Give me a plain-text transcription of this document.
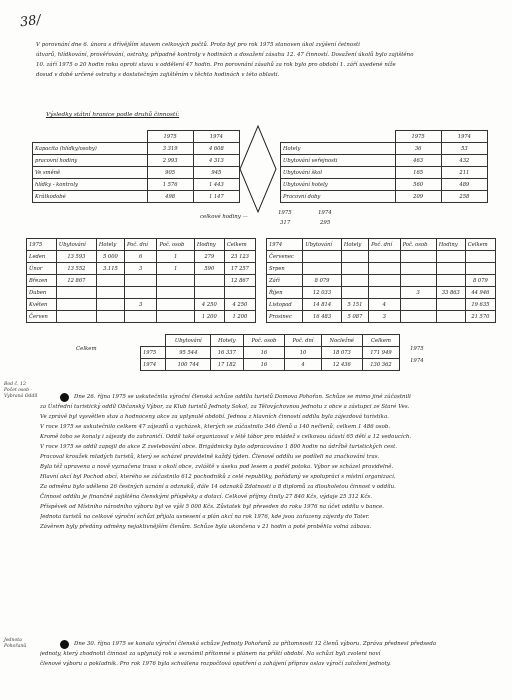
38/
V porovnání dne 6. února s dřívějším stavem celkových počtů. Proto byl pro rok 1975 stanoven úkol zvýšení četnosti
útvarů, hlídkování, prověřování, ostrahy, případně kontroly v hodinách a dosažení zásahu 12. 47 činností. Dosažení úkolů bylo zajištěno
10. září 1975 o 20 hodin roku oproti stavu v oddělení 47 hodin. Pro porovnání zásahů za rok bylo pro období 1. září uvedené níže
dosud v době určené ostrahy s dostatečným zajištěním v těchto hodinách v této oblasti.
Výsledky státní hranice podle druhů činností:
	1975	1974
Kapacita (hlídky/osoby)	3 319	4 608
pracovní hodiny	2 993	4 313
Ve směně	905	945
hlídky - kontroly	1 576	1 443
Krátkodobé	498	1 147
	1975	1974
Hotely	36	53
Ubytování veřejnosti	463	432
Ubytování škol	165	211
Ubytování hotely	560	489
Pracovní doby	209	258
celkové hodiny —
1975	1974
317	295
1975	Ubytování	Hotely	Poč. dní	Poč. osob	Hodiny	Celkem
Leden	13 593	5 000	6	1	279	23 123
Únor	13 552	3.115	3	1	590	17 257
Březen	12 867					12 867
Duben						
Květen			3		4 250	4 250
Červen					1 200	1 200
1974	Ubytování	Hotely	Poč. dní	Poč. osob	Hodiny	Celkem
Červenec						
Srpen						
Září	8 079					8 079
Říjen	12 033			3	33 863	44 946
Listopad	14 814	5 151	4			19 635
Prosinec	16 483	5 087	3			21 570
Celkem
	Ubytování	Hotely	Poč. osob	Poč. dní	Nocležné	Celkem
1975	95 544	16 337	16	10	18 073	171 949
1974	100 744	17 182	16	4	12 436	130 362
1975
1974
Bod č. 12 Počet osob - Vybraná Oddíl	Dne 26. října 1975 se uskutečnila výroční členská schůze oddílu turistů Domova Pohořan. Schůze se mimo jiné zúčastnili
za Ústřední turistický oddíl Občanský Výbor, za Klub turistů Jednoty Sokol, za Tělovýchovnou jednotu z obce a zástupci ze Staré Ves.
Ve zprávě byl vysvětlen stav a hodnoceny akce za uplynulé období. Jednou z hlavních činností oddílu byla zájezdová turistika.
V roce 1975 se uskutečnilo celkem 47 zájezdů a vycházek, kterých se zúčastnilo 346 členů a 140 nečlenů, celkem 1 486 osob.
Kromě toho se konaly i zájezdy do zahraničí. Oddíl také organizoval v létě tábor pro mládež s celkovou účastí 65 dětí a 12 vedoucích.
V roce 1975 se oddíl zapojil do akce Z zvelebování obce. Brigádnicky bylo odpracováno 1 800 hodin na údržbě turistických cest.
Pracoval kroužek mladých turistů, který se scházel pravidelně každý týden. Členové oddílu se podíleli na značkování tras.
Byla též upravena a nově vyznačena trasa v okolí obce, zvláště v úseku pod lesem a podél potoka. Výbor se scházel pravidelně.
Hlavní akcí byl Pochod obcí, kterého se zúčastnilo 612 pochodníků z celé republiky, pořádaný ve spolupráci s místní organizací.
Za odměnu bylo uděleno 26 čestných uznání a odznaků, dále 14 odznaků Zdatnosti a 8 diplomů za dlouholetou činnost v oddílu.
Činnost oddílu je finančně zajištěna členskými příspěvky a dotací. Celkové příjmy činily 27 840 Kčs, výdaje 25 312 Kčs.
Příspěvek od Místního národního výboru byl ve výši 5 000 Kčs. Zůstatek byl převeden do roku 1976 na účet oddílu v bance.
Jednota turistů na celkové výroční schůzi přijala usnesení a plán akcí na rok 1976, kde jsou zařazeny zájezdy do Tater.
Závěrem byly předány odměny nejaktivnějším členům. Schůze byla ukončena v 21 hodin a poté proběhla volná zábava.
Jednota Pohořanů	Dne 30. října 1975 se konala výroční členská schůze Jednoty Pohořanů za přítomnosti 12 členů výboru. Zprávu přednesl předseda
jednoty, který zhodnotil činnost za uplynulý rok a seznámil přítomné s plánem na příští období. Na schůzi byli zvoleni noví
členové výboru a pokladník. Pro rok 1976 byla schválena rozpočtová opatření a zahájení příprav oslav výročí založení jednoty.
